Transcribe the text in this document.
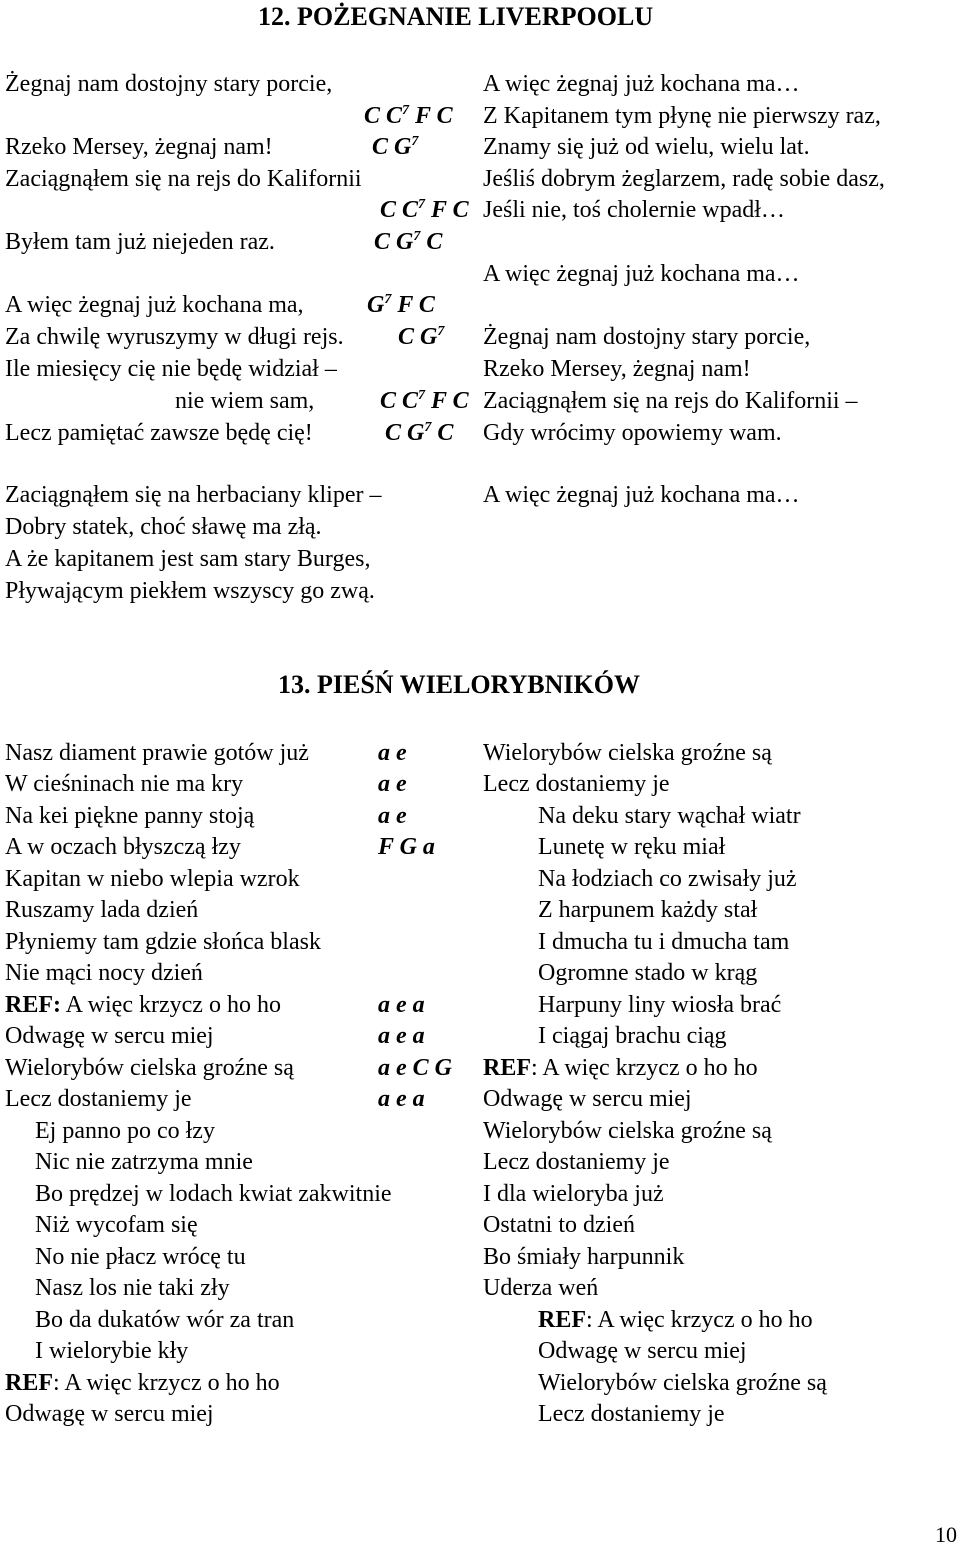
12. POŻEGNANIE LIVERPOOLU
Żegnaj nam dostojny stary porcie,
Rzeko Mersey, żegnaj nam!
Zaciągnąłem się na rejs do Kalifornii
Byłem tam już niejeden raz.
A więc żegnaj już kochana ma,
Za chwilę wyruszymy w długi rejs.
Ile miesięcy cię nie będę widział –
nie wiem sam,
Lecz pamiętać zawsze będę cię!
Zaciągnąłem się na herbaciany kliper –
Dobry statek, choć sławę ma złą.
A że kapitanem jest sam stary Burges,
Pływającym piekłem wszyscy go zwą.
C $C^7$ F C
C $G^7$
C $C^7$ F C
C $G^7$ C
$G^7$ F C
C $G^7$
C $C^7$ F C
C $G^7$ C
A więc żegnaj już kochana ma…
Z Kapitanem tym płynę nie pierwszy raz,
Znamy się już od wielu, wielu lat.
Jeśliś dobrym żeglarzem, radę sobie dasz,
Jeśli nie, toś cholernie wpadł…
A więc żegnaj już kochana ma…
Żegnaj nam dostojny stary porcie,
Rzeko Mersey, żegnaj nam!
Zaciągnąłem się na rejs do Kalifornii –
Gdy wrócimy opowiemy wam.
A więc żegnaj już kochana ma…
13. PIEŚŃ WIELORYBNIKÓW
Nasz diament prawie gotów już
W cieśninach nie ma kry
Na kei piękne panny stoją
A w oczach błyszczą łzy
Kapitan w niebo wlepia wzrok
Ruszamy lada dzień
Płyniemy tam gdzie słońca blask
Nie mąci nocy dzień
REF: A więc krzycz o ho ho
Odwagę w sercu miej
Wielorybów cielska groźne są
Lecz dostaniemy je
Ej panno po co łzy
Nic nie zatrzyma mnie
Bo prędzej w lodach kwiat zakwitnie
Niż wycofam się
No nie płacz wrócę tu
Nasz los nie taki zły
Bo da dukatów wór za tran
I wielorybie kły
REF: A więc krzycz o ho ho
Odwagę w sercu miej
a e
a e
a e
F G a
a e a
a e a
a e C G
a e a
Wielorybów cielska groźne są
Lecz dostaniemy je
Na deku stary wąchał wiatr
Lunetę w ręku miał
Na łodziach co zwisały już
Z harpunem każdy stał
I dmucha tu i dmucha tam
Ogromne stado w krąg
Harpuny liny wiosła brać
I ciągaj brachu ciąg
REF: A więc krzycz o ho ho
Odwagę w sercu miej
Wielorybów cielska groźne są
Lecz dostaniemy je
I dla wieloryba już
Ostatni to dzień
Bo śmiały harpunnik
Uderza weń
REF: A więc krzycz o ho ho
Odwagę w sercu miej
Wielorybów cielska groźne są
Lecz dostaniemy je
10
